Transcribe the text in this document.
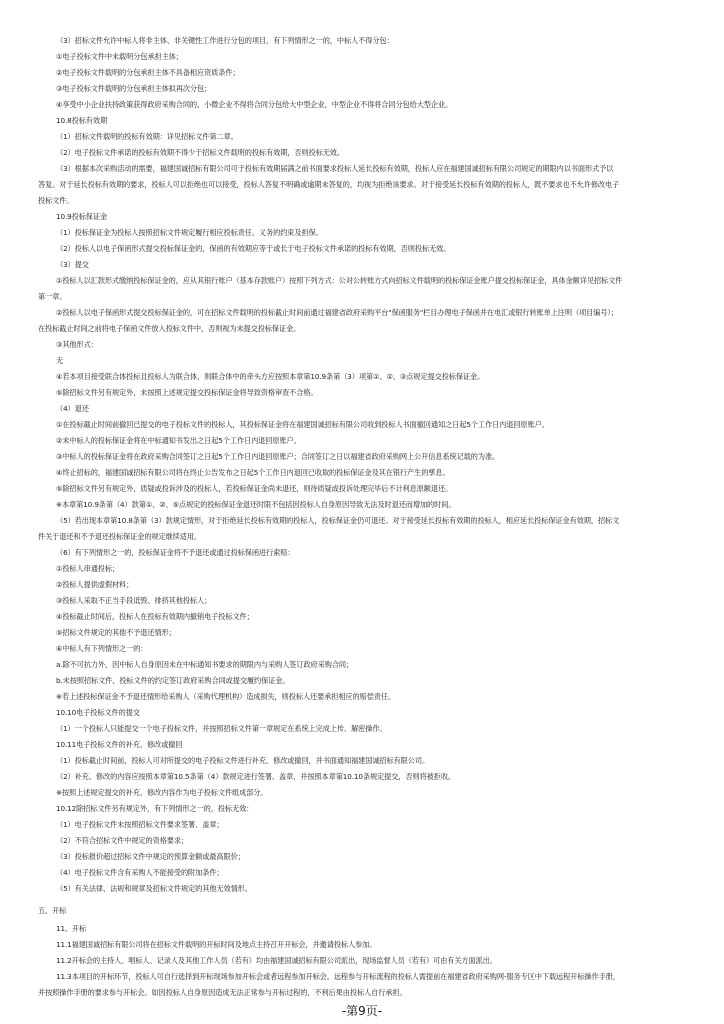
（3）招标文件允许中标人将非主体、非关键性工作进行分包的项目，有下列情形之一的，中标人不得分包：
①电子投标文件中未载明分包承担主体；
②电子投标文件载明的分包承担主体不具备相应资质条件；
③电子投标文件载明的分包承担主体拟再次分包；
④享受中小企业扶持政策获得政府采购合同的，小微企业不得将合同分包给大中型企业，中型企业不得将合同分包给大型企业。
10.8投标有效期
（1）招标文件载明的投标有效期：详见招标文件第二章。
（2）电子投标文件承诺的投标有效期不得少于招标文件载明的投标有效期，否则投标无效。
（3）根据本次采购活动的需要，福建国诚招标有限公司可于投标有效期届满之前书面要求投标人延长投标有效期，投标人应在福建国诚招标有限公司规定的期限内以书面形式予以
答复。对于延长投标有效期的要求，投标人可以拒绝也可以接受，投标人答复不明确或逾期未答复的，均视为拒绝该要求。对于接受延长投标有效期的投标人，既不要求也不允许修改电子
投标文件。
10.9投标保证金
（1）投标保证金为投标人按照招标文件规定履行相应投标责任、义务的约束及担保。
（2）投标人以电子保函形式提交投标保证金的，保函的有效期应等于或长于电子投标文件承诺的投标有效期，否则投标无效。
（3）提交
①投标人以汇款形式缴纳投标保证金的，应从其银行账户（基本存款账户）按照下列方式：公对公转账方式向招标文件载明的投标保证金账户提交投标保证金，具体金额详见招标文件
第一章。
②投标人以电子保函形式提交投标保证金的，可在招标文件载明的投标截止时间前通过福建省政府采购平台"保函服务"栏目办理电子保函并在电汇或银行转账单上注明（项目编号）；
在投标截止时间之前将电子保函文件放入投标文件中，否则视为未提交投标保证金。
③其他形式：
无
④若本项目接受联合体投标且投标人为联合体，则联合体中的牵头方应按照本章第10.9条第（3）项第①、②、③点规定提交投标保证金。
⑤除招标文件另有规定外，未按照上述规定提交投标保证金将导致资格审查不合格。
（4）退还
①在投标截止时间前撤回已提交的电子投标文件的投标人，其投标保证金将在福建国诚招标有限公司收到投标人书面撤回通知之日起5个工作日内退回原账户。
②未中标人的投标保证金将在中标通知书发出之日起5个工作日内退回原账户。
③中标人的投标保证金将在政府采购合同签订之日起5个工作日内退回原账户；合同签订之日以福建省政府采购网上公开信息系统记载的为准。
④终止招标的，福建国诚招标有限公司将在终止公告发布之日起5个工作日内退回已收取的投标保证金及其在银行产生的孳息。
⑤除招标文件另有规定外，质疑或投诉涉及的投标人，若投标保证金尚未退还，则待质疑或投诉处理完毕后不计利息原额退还。
※本章第10.9条第（4）款第①、②、⑤点规定的投标保证金退还时限不包括因投标人自身原因导致无法及时退还而增加的时间。
（5）若出现本章第10.8条第（3）款规定情形，对于拒绝延长投标有效期的投标人，投标保证金仍可退还。对于接受延长投标有效期的投标人，相应延长投标保证金有效期，招标文
件关于退还和不予退还投标保证金的规定继续适用。
（6）有下列情形之一的，投标保证金将不予退还或通过投标保函进行索赔：
①投标人串通投标；
②投标人提供虚假材料；
③投标人采取不正当手段诋毁、排挤其他投标人；
④投标截止时间后，投标人在投标有效期内撤销电子投标文件；
⑤招标文件规定的其他不予退还情形；
⑥中标人有下列情形之一的：
a.除不可抗力外，因中标人自身原因未在中标通知书要求的期限内与采购人签订政府采购合同；
b.未按照招标文件、投标文件的约定签订政府采购合同或提交履约保证金。
※若上述投标保证金不予退还情形给采购人（采购代理机构）造成损失，则投标人还要承担相应的赔偿责任。
10.10电子投标文件的提交
（1）一个投标人只能提交一个电子投标文件，并按照招标文件第一章规定在系统上完成上传、解密操作。
10.11电子投标文件的补充、修改或撤回
（1）投标截止时间前，投标人可对所提交的电子投标文件进行补充、修改或撤回，并书面通知福建国诚招标有限公司。
（2）补充、修改的内容应按照本章第10.5条第（4）款规定进行签署、盖章，并按照本章第10.10条规定提交，否则将被拒收。
※按照上述规定提交的补充、修改内容作为电子投标文件组成部分。
10.12除招标文件另有规定外，有下列情形之一的，投标无效：
（1）电子投标文件未按照招标文件要求签署、盖章；
（2）不符合招标文件中规定的资格要求；
（3）投标报价超过招标文件中规定的预算金额或最高限价；
（4）电子投标文件含有采购人不能接受的附加条件；
（5）有关法律、法规和规章及招标文件规定的其他无效情形。
五、开标
11、开标
11.1福建国诚招标有限公司将在招标文件载明的开标时间及地点主持召开开标会，并邀请投标人参加。
11.2开标会的主持人、唱标人、记录人及其他工作人员（若有）均由福建国诚招标有限公司派出，现场监督人员（若有）可由有关方面派出。
11.3本项目的开标环节，投标人可自行选择到开标现场参加开标会或者远程参加开标会。远程参与开标流程的投标人需提前在福建省政府采购网-服务专区中下载远程开标操作手册，
并按照操作手册的要求参与开标会。如因投标人自身原因造成无法正常参与开标过程的，不利后果由投标人自行承担。
-第9页-
